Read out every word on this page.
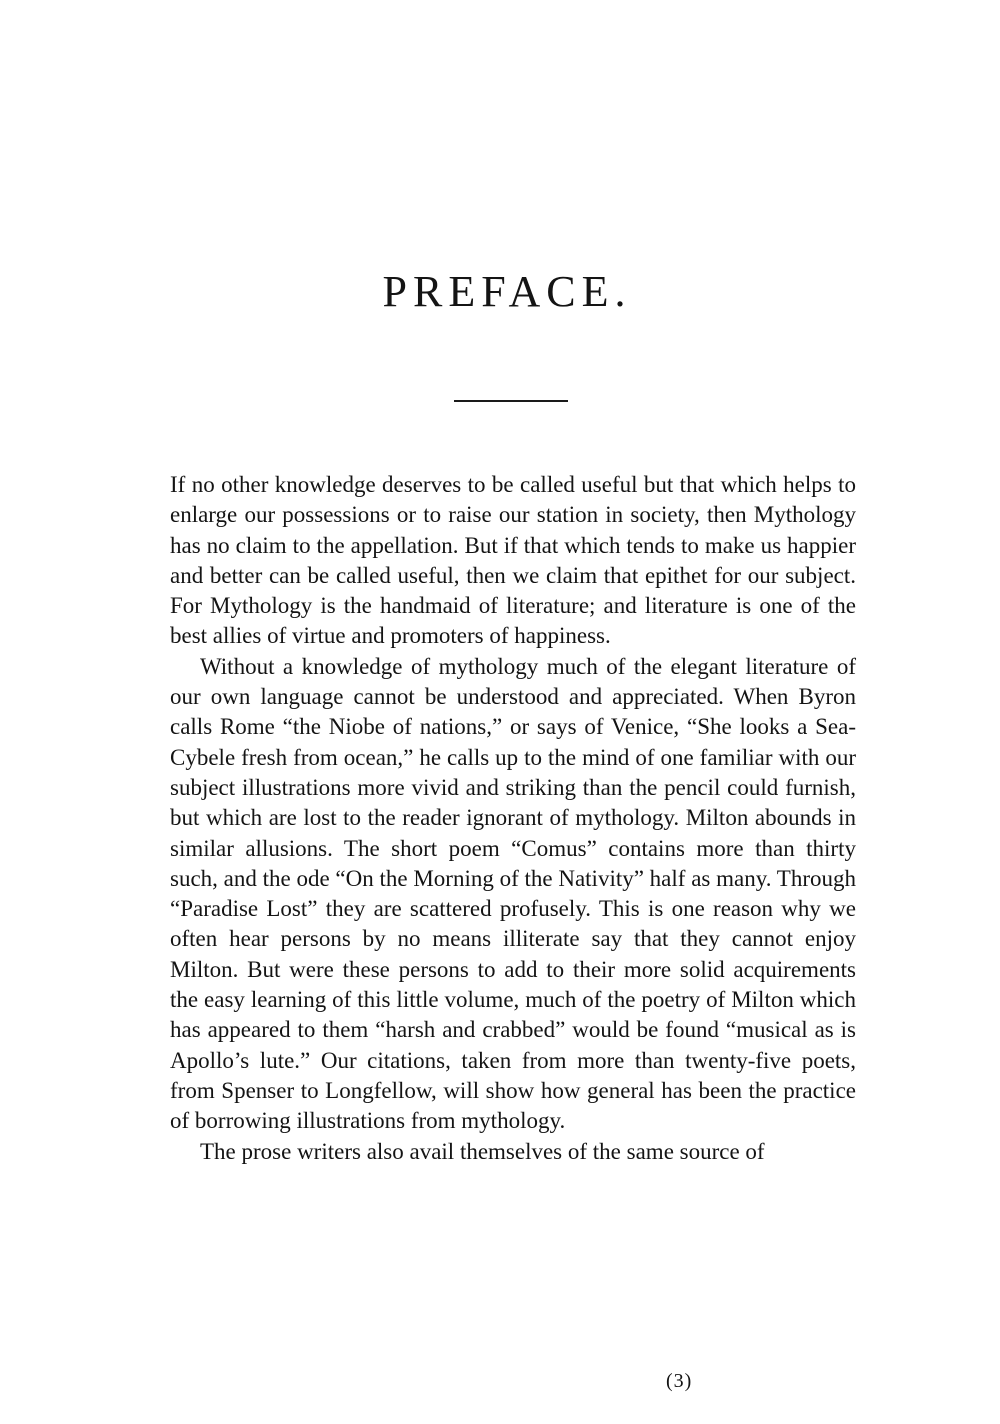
PREFACE.

If no other knowledge deserves to be called useful but that which helps to enlarge our possessions or to raise our station in society, then Mythology has no claim to the appellation. But if that which tends to make us happier and better can be called useful, then we claim that epithet for our subject. For Mythology is the handmaid of literature; and literature is one of the best allies of virtue and promoters of happiness.

Without a knowledge of mythology much of the elegant literature of our own language cannot be understood and appreciated. When Byron calls Rome “the Niobe of nations,” or says of Venice, “She looks a Sea-Cybele fresh from ocean,” he calls up to the mind of one familiar with our subject illustrations more vivid and striking than the pencil could furnish, but which are lost to the reader ignorant of mythology. Milton abounds in similar allusions. The short poem “Comus” contains more than thirty such, and the ode “On the Morning of the Nativity” half as many. Through “Paradise Lost” they are scattered profusely. This is one reason why we often hear persons by no means illiterate say that they cannot enjoy Milton. But were these persons to add to their more solid acquirements the easy learning of this little volume, much of the poetry of Milton which has appeared to them “harsh and crabbed” would be found “musical as is Apollo’s lute.” Our citations, taken from more than twenty-five poets, from Spenser to Longfellow, will show how general has been the practice of borrowing illustrations from mythology.

The prose writers also avail themselves of the same source of

(3)
